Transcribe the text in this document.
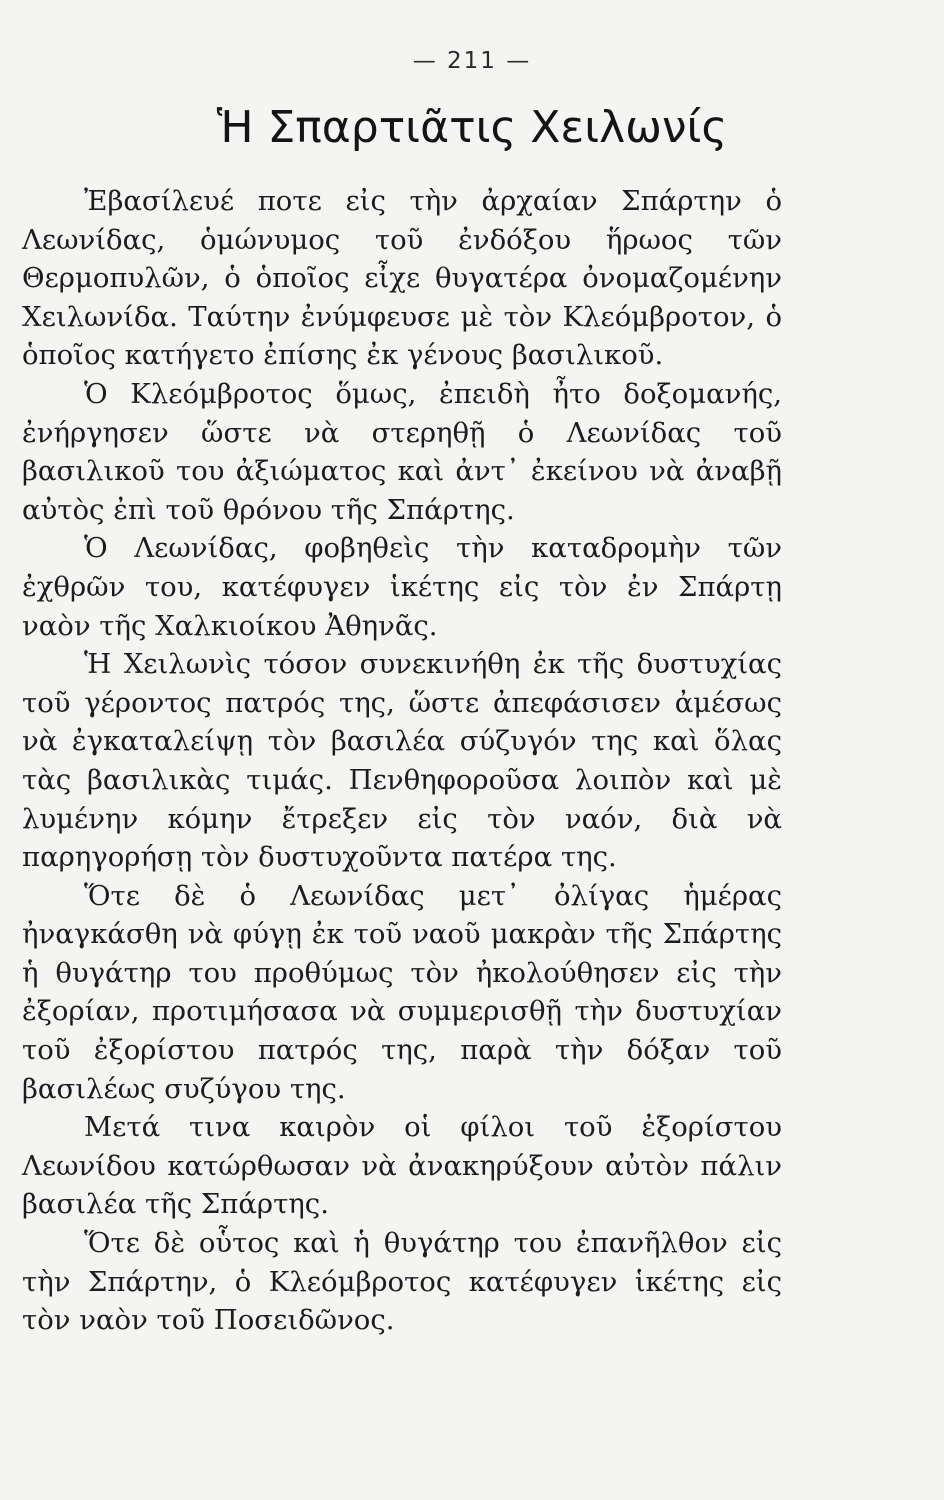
— 211 —
Ἡ Σπαρτιᾶτις Χειλωνίς

Ἐβασίλευέ ποτε εἰς τὴν ἀρχαίαν Σπάρτην ὁ Λεωνίδας, ὁμώνυμος τοῦ ἐνδόξου ἥρωος τῶν Θερμοπυλῶν, ὁ ὁποῖος εἶχε θυγατέρα ὀνομαζομένην Χειλωνίδα. Ταύτην ἐνύμφευσε μὲ τὸν Κλεόμβροτον, ὁ ὁποῖος κατήγετο ἐπίσης ἐκ γένους βασιλικοῦ.

Ὁ Κλεόμβροτος ὅμως, ἐπειδὴ ἦτο δοξομανής, ἐνήργησεν ὥστε νὰ στερηθῇ ὁ Λεωνίδας τοῦ βασιλικοῦ του ἀξιώματος καὶ ἀντ᾽ ἐκείνου νὰ ἀναβῇ αὐτὸς ἐπὶ τοῦ θρόνου τῆς Σπάρτης.

Ὁ Λεωνίδας, φοβηθεὶς τὴν καταδρομὴν τῶν ἐχθρῶν του, κατέφυγεν ἱκέτης εἰς τὸν ἐν Σπάρτῃ ναὸν τῆς Χαλκιοίκου Ἀθηνᾶς.

Ἡ Χειλωνὶς τόσον συνεκινήθη ἐκ τῆς δυστυχίας τοῦ γέροντος πατρός της, ὥστε ἀπεφάσισεν ἀμέσως νὰ ἐγκαταλείψῃ τὸν βασιλέα σύζυγόν της καὶ ὅλας τὰς βασιλικὰς τιμάς. Πενθηφοροῦσα λοιπὸν καὶ μὲ λυμένην κόμην ἔτρεξεν εἰς τὸν ναόν, διὰ νὰ παρηγορήσῃ τὸν δυστυχοῦντα πατέρα της.

Ὅτε δὲ ὁ Λεωνίδας μετ᾽ ὀλίγας ἡμέρας ἠναγκάσθη νὰ φύγῃ ἐκ τοῦ ναοῦ μακρὰν τῆς Σπάρτης ἡ θυγάτηρ του προθύμως τὸν ἠκολούθησεν εἰς τὴν ἐξορίαν, προτιμήσασα νὰ συμμερισθῇ τὴν δυστυχίαν τοῦ ἐξορίστου πατρός της, παρὰ τὴν δόξαν τοῦ βασιλέως συζύγου της.

Μετά τινα καιρὸν οἱ φίλοι τοῦ ἐξορίστου Λεωνίδου κατώρθωσαν νὰ ἀνακηρύξουν αὐτὸν πάλιν βασιλέα τῆς Σπάρτης.

Ὅτε δὲ οὗτος καὶ ἡ θυγάτηρ του ἐπανῆλθον εἰς τὴν Σπάρτην, ὁ Κλεόμβροτος κατέφυγεν ἱκέτης εἰς τὸν ναὸν τοῦ Ποσειδῶνος.
